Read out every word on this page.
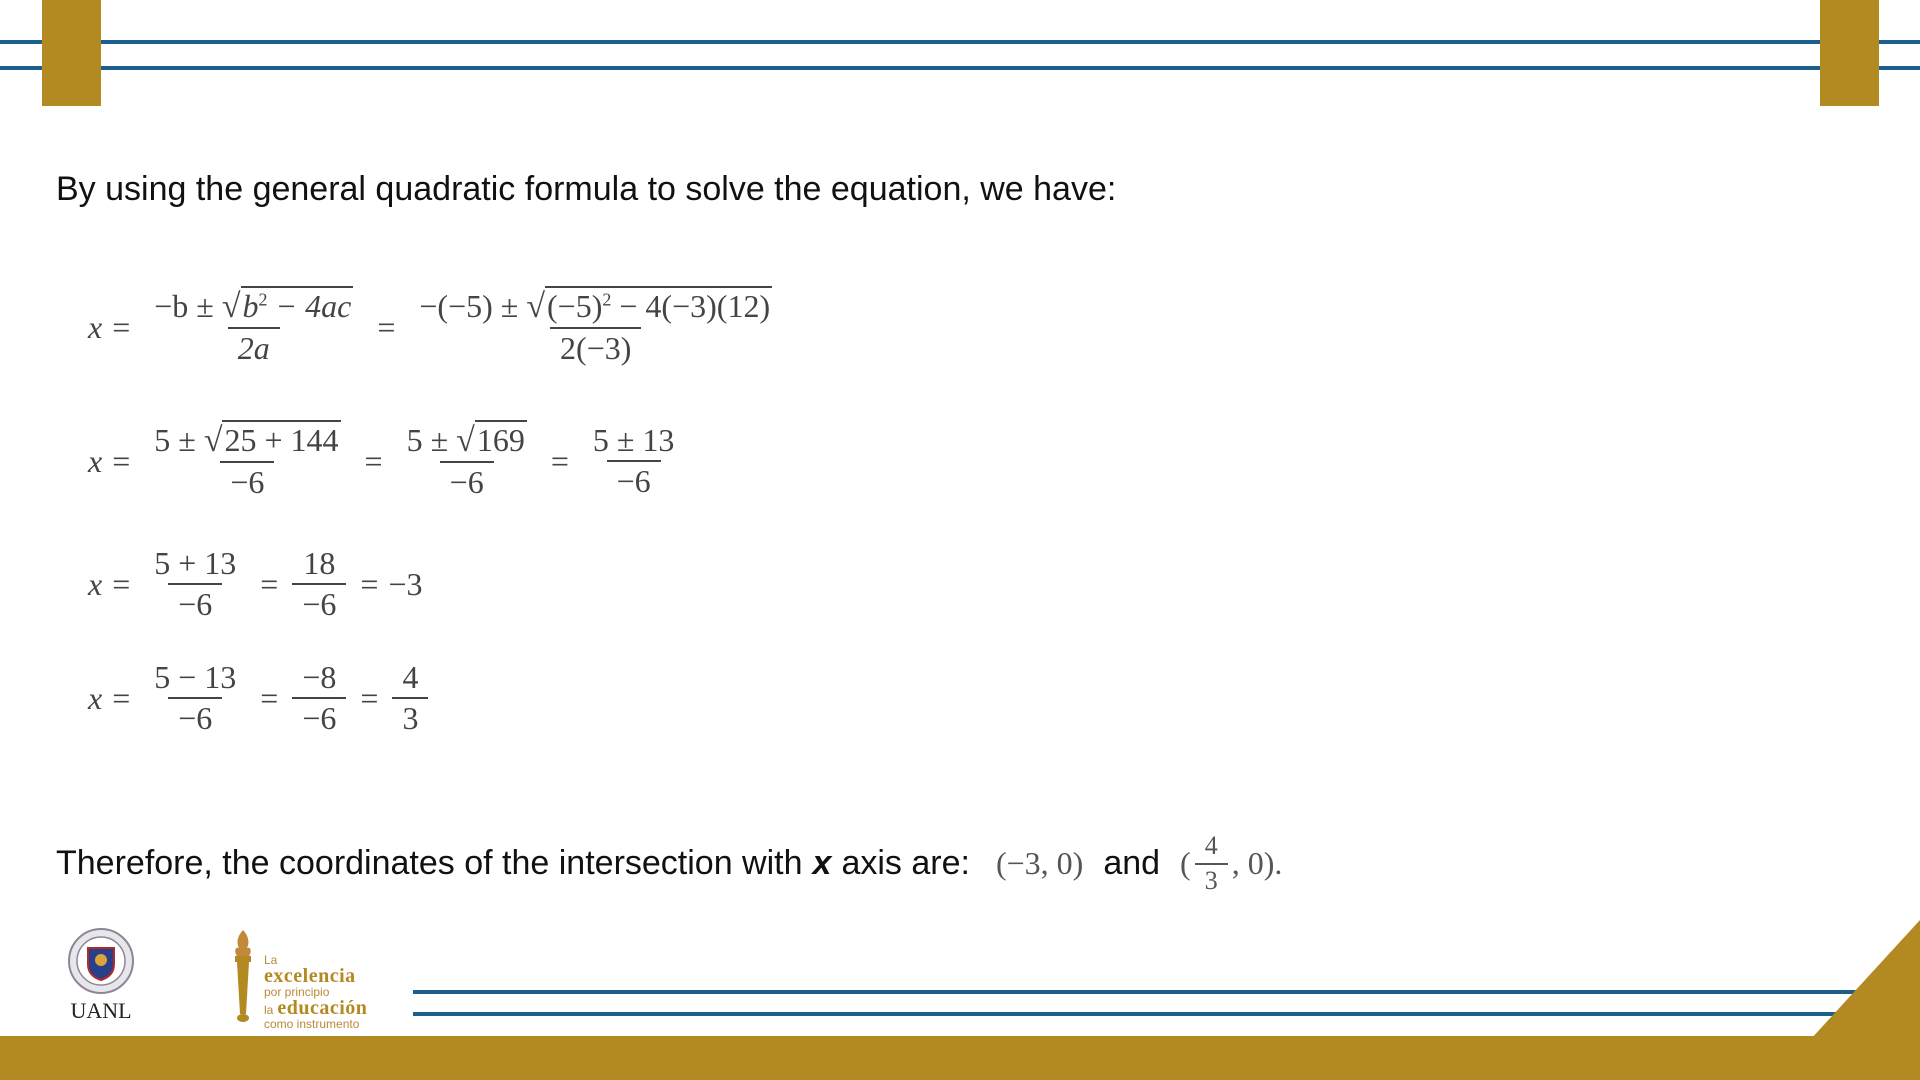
By using the general quadratic formula to solve the equation, we have:
$x = \frac{-b \pm √b^2 - 4ac}{2a} = \frac{-(-5) \pm √(-5)^2 - 4(-3)(12)}{2(-3)}$
$x = \frac{5 \pm √25 + 144}{-6} = \frac{5 \pm √169}{-6} = \frac{5 \pm 13}{-6}$
$x = \frac{5 + 13}{-6} = \frac{18}{-6} = -3$
$x = \frac{5 - 13}{-6} = \frac{-8}{-6} = \frac{4}{3}$
Therefore, the coordinates of the intersection with x axis are: (−3, 0) and ( $\frac{4}{3}$ , 0).
UANL
La
excelencia
por principio
la educación
como instrumento
